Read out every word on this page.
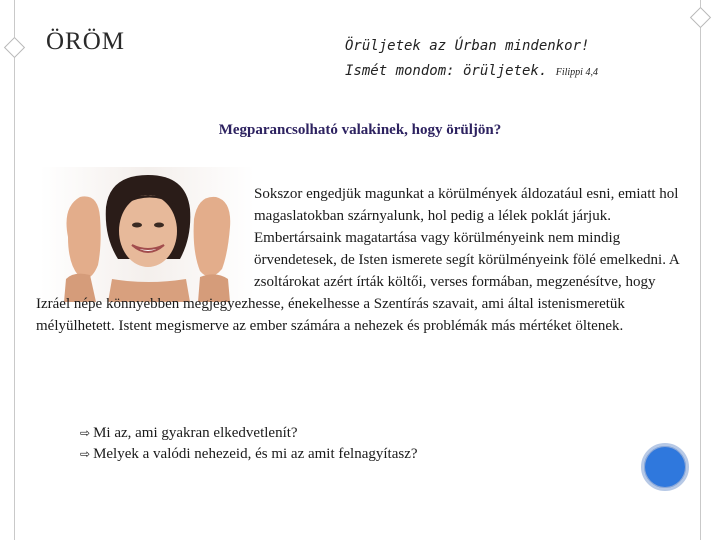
ÖRÖM	Örüljetek az Úrban mindenkor!
Ismét mondom: örüljetek. Filippi 4,4
Megparancsolható valakinek, hogy örüljön?
Sokszor engedjük magunkat a körülmények áldozatául esni, emiatt hol magaslatokban szárnyalunk, hol pedig a lélek poklát járjuk. Embertársaink magatartása vagy körülményeink nem mindig örvendetesek, de Isten ismerete segít körülményeink fölé emelkedni. A zsoltárokat azért írták költői, verses formában, megzenésítve, hogy Izráel népe könnyebben megjegyezhesse, énekelhesse a Szentírás szavait, ami által istenismeretük mélyülhetett. Istent megismerve az ember számára a nehezek és problémák más mértéket öltenek.
⇨ Mi az, ami gyakran elkedvetlenít?
⇨ Melyek a valódi nehezeid, és mi az amit felnagyítasz?
